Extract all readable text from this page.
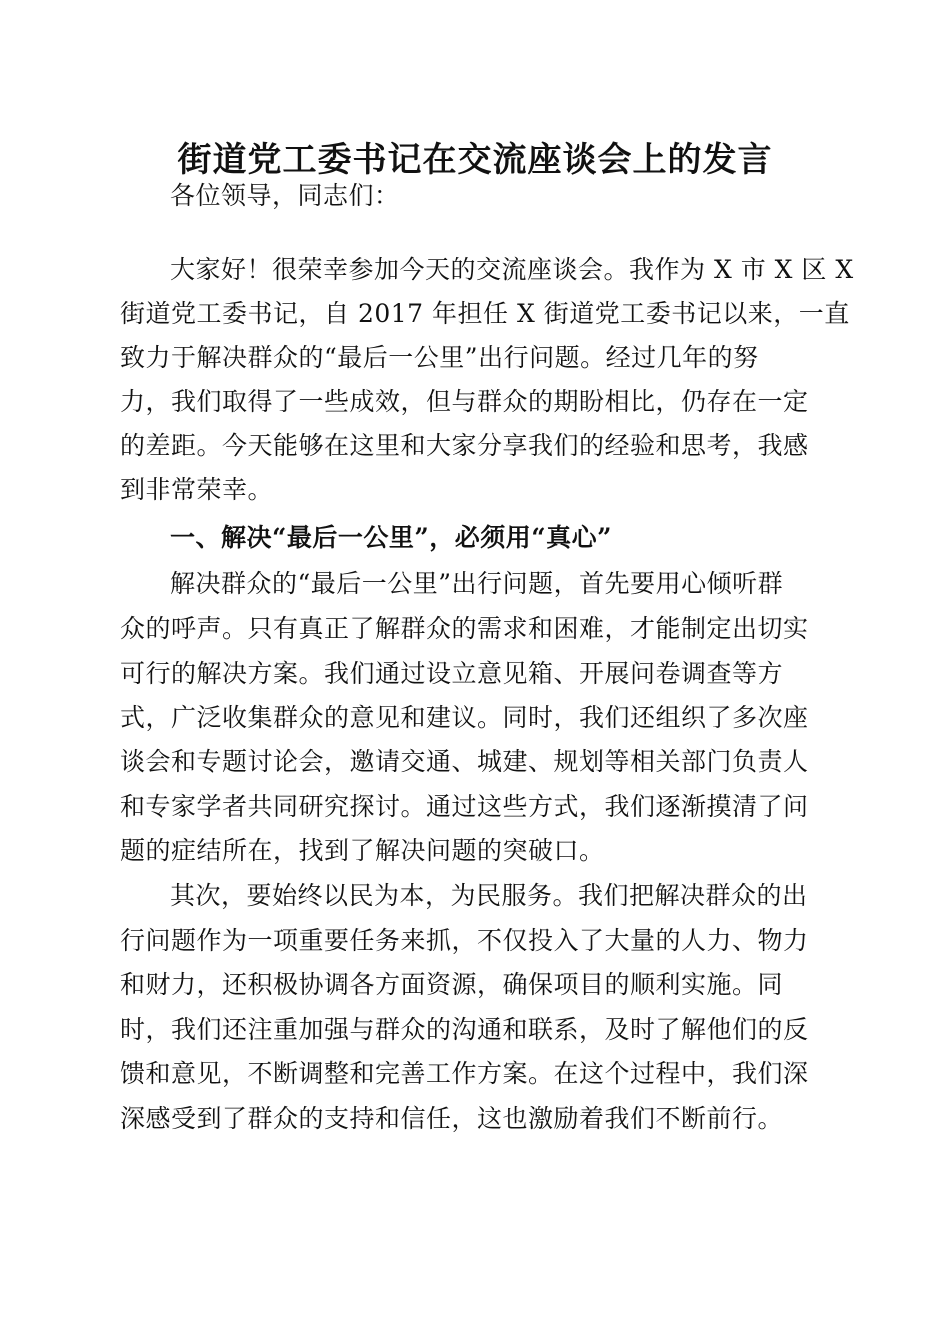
街道党工委书记在交流座谈会上的发言
各位领导，同志们：
大家好！很荣幸参加今天的交流座谈会。我作为 X 市 X 区 X
街道党工委书记，自 2017 年担任 X 街道党工委书记以来，一直
致力于解决群众的“最后一公里”出行问题。经过几年的努
力，我们取得了一些成效，但与群众的期盼相比，仍存在一定
的差距。今天能够在这里和大家分享我们的经验和思考，我感
到非常荣幸。
一、解决“最后一公里”，必须用“真心”
解决群众的“最后一公里”出行问题，首先要用心倾听群
众的呼声。只有真正了解群众的需求和困难，才能制定出切实
可行的解决方案。我们通过设立意见箱、开展问卷调查等方
式，广泛收集群众的意见和建议。同时，我们还组织了多次座
谈会和专题讨论会，邀请交通、城建、规划等相关部门负责人
和专家学者共同研究探讨。通过这些方式，我们逐渐摸清了问
题的症结所在，找到了解决问题的突破口。
其次，要始终以民为本，为民服务。我们把解决群众的出
行问题作为一项重要任务来抓，不仅投入了大量的人力、物力
和财力，还积极协调各方面资源，确保项目的顺利实施。同
时，我们还注重加强与群众的沟通和联系，及时了解他们的反
馈和意见，不断调整和完善工作方案。在这个过程中，我们深
深感受到了群众的支持和信任，这也激励着我们不断前行。
